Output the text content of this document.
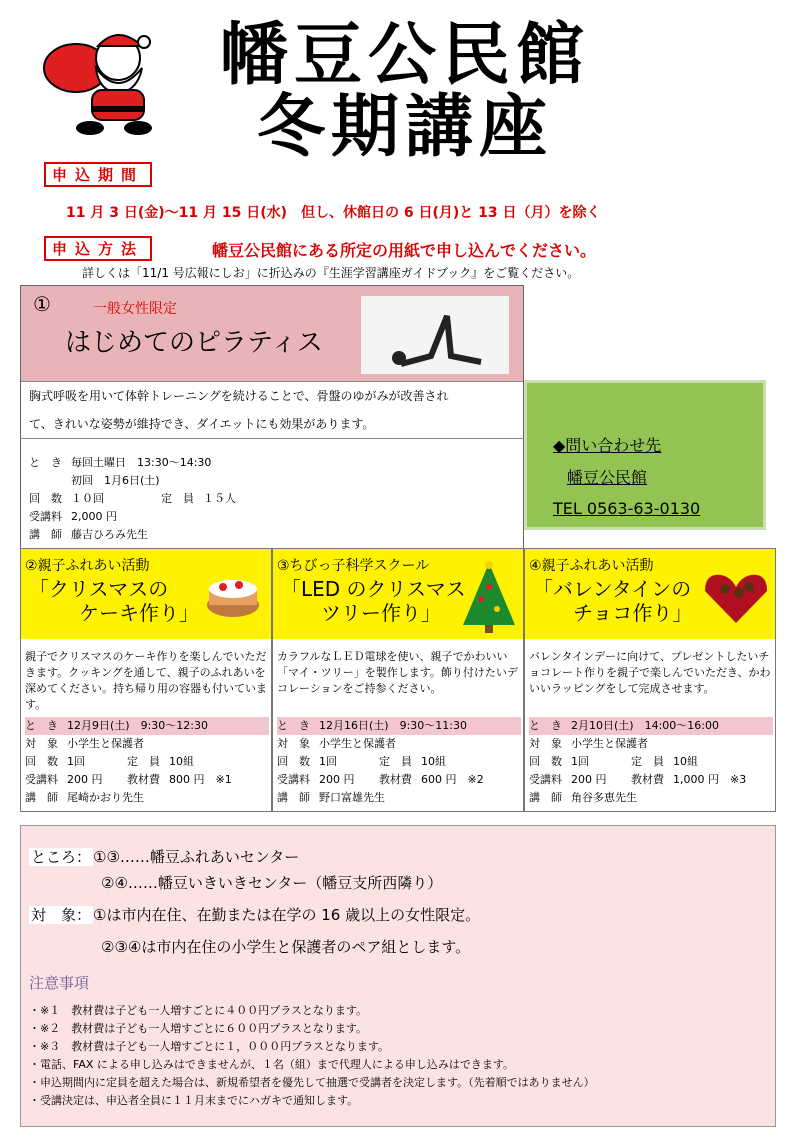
幡豆公民館
冬期講座
申込期間
11 月 3 日(金)～11 月 15 日(水)　但し、休館日の 6 日(月)と 13 日（月）を除く
申込方法	幡豆公民館にある所定の用紙で申し込んでください。
詳しくは「11/1 号広報にしお」に折込みの『生涯学習講座ガイドブック』をご覧ください。
①	一般女性限定
はじめてのピラティス
胸式呼吸を用いて体幹トレーニングを続けることで、骨盤のゆがみが改善され
て、きれいな姿勢が維持でき、ダイエットにも効果があります。
と　き 毎回土曜日　13:30～14:30
初回　1月6日(土)
回　数 １０回	定　員 １５人
受講料 2,000 円
講　師 藤吉ひろみ先生
◆問い合わせ先
幡豆公民館
TEL 0563-63-0130
②親子ふれあい活動
「クリスマスの
ケーキ作り」
親子でクリスマスのケーキ作りを楽しんでいただきます。クッキングを通して、親子のふれあいを深めてください。持ち帰り用の容器も付いています。
と　き 12月9日(土)　9:30～12:30
対　象 小学生と保護者
回　数 1回	定　員 10組
受講料 200 円 教材費 800 円　※1
講　師 尾崎かおり先生
③ちびっ子科学スクール
「LED のクリスマス
ツリー作り」
カラフルなＬＥＤ電球を使い、親子でかわいい「マイ・ツリー」を製作します。飾り付けたいデコレーションをご持参ください。
と　き 12月16日(土)　9:30～11:30
対　象 小学生と保護者
回　数 1回	定　員 10組
受講料 200 円 教材費 600 円　※2
講　師 野口富雄先生
④親子ふれあい活動
「バレンタインの
チョコ作り」
バレンタインデーに向けて、プレゼントしたいチョコレート作りを親子で楽しんでいただき、かわいいラッピングをして完成させます。
と　き 2月10日(土)　14:00～16:00
対　象 小学生と保護者
回　数 1回	定　員 10組
受講料 200 円 教材費 1,000 円　※3
講　師 角谷多恵先生
ところ： ①③……幡豆ふれあいセンター
②④……幡豆いきいきセンター（幡豆支所西隣り）
対　象： ①は市内在住、在勤または在学の 16 歳以上の女性限定。
②③④は市内在住の小学生と保護者のペア組とします。
注意事項
・※１　教材費は子ども一人増すごとに４００円プラスとなります。
・※２　教材費は子ども一人増すごとに６００円プラスとなります。
・※３　教材費は子ども一人増すごとに１，０００円プラスとなります。
・電話、FAX による申し込みはできませんが、１名（組）まで代理人による申し込みはできます。
・申込期間内に定員を超えた場合は、新規希望者を優先して抽選で受講者を決定します。（先着順ではありません）
・受講決定は、申込者全員に１１月末までにハガキで通知します。
